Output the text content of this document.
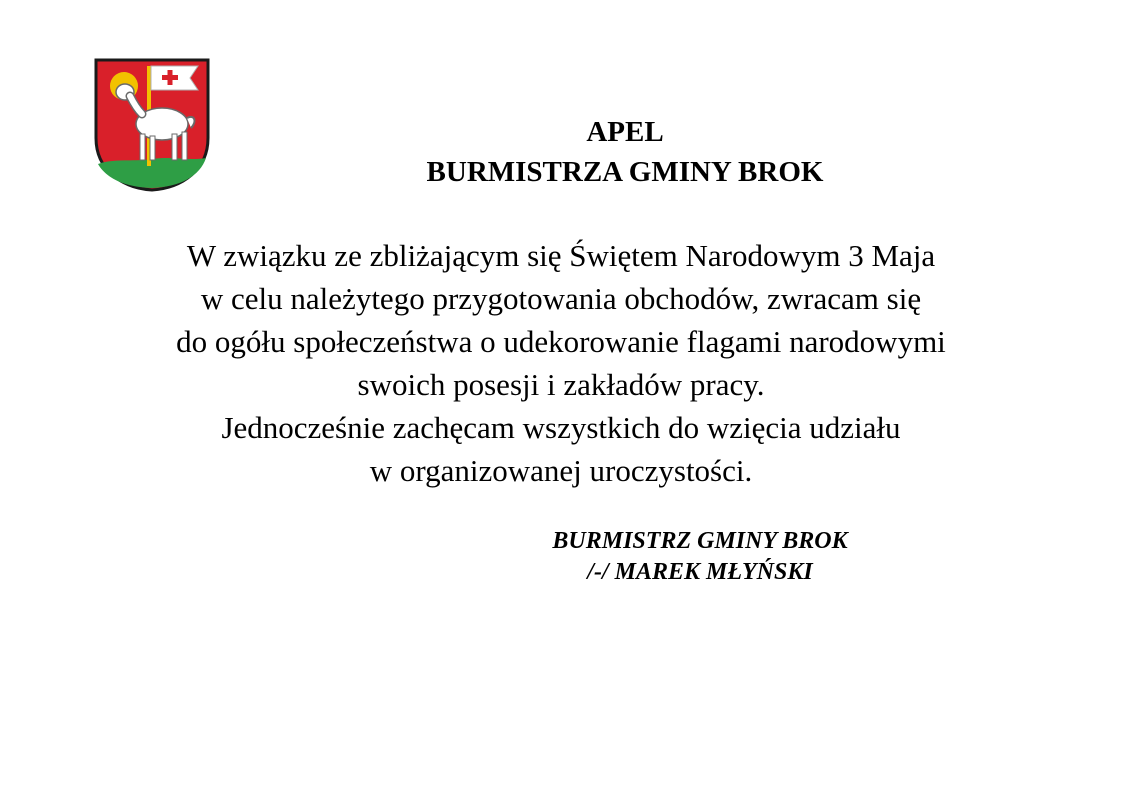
APEL
BURMISTRZA GMINY BROK
W związku ze zbliżającym się Świętem Narodowym 3 Maja
w celu należytego przygotowania obchodów, zwracam się
do ogółu społeczeństwa o udekorowanie flagami narodowymi
swoich posesji i zakładów pracy.
Jednocześnie zachęcam wszystkich do wzięcia udziału
w organizowanej uroczystości.
BURMISTRZ GMINY BROK
/-/ MAREK MŁYŃSKI
